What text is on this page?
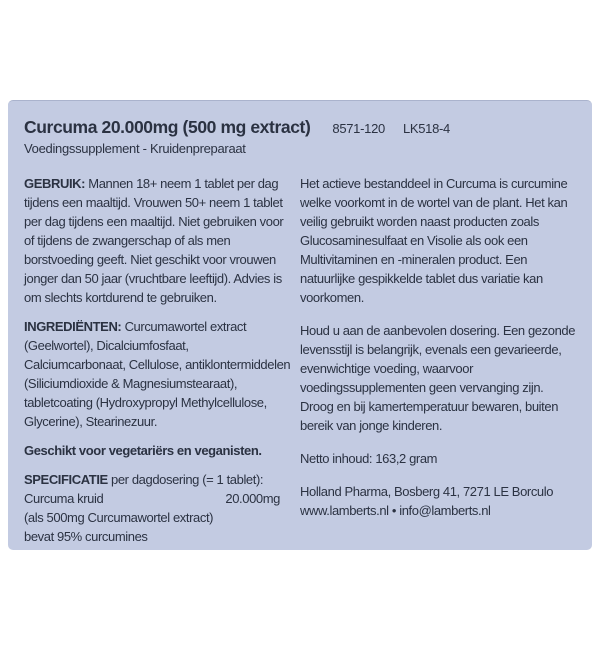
Curcuma 20.000mg (500 mg extract) 8571-120 LK518-4
Voedingssupplement - Kruidenpreparaat

GEBRUIK: Mannen 18+ neem 1 tablet per dag tijdens een maaltijd. Vrouwen 50+ neem 1 tablet per dag tijdens een maaltijd. Niet gebruiken voor of tijdens de zwangerschap of als men borstvoeding geeft. Niet geschikt voor vrouwen jonger dan 50 jaar (vruchtbare leeftijd). Advies is om slechts kortdurend te gebruiken.

INGREDIËNTEN: Curcumawortel extract (Geelwortel), Dicalciumfosfaat, Calciumcarbonaat, Cellulose, antiklontermiddelen (Siliciumdioxide & Magnesiumstearaat), tabletcoating (Hydroxypropyl Methylcellulose, Glycerine), Stearinezuur.

Geschikt voor vegetariërs en veganisten.

SPECIFICATIE per dagdosering (= 1 tablet):
Curcuma kruid	20.000mg
(als 500mg Curcumawortel extract)
bevat 95% curcumines

Het actieve bestanddeel in Curcuma is curcumine welke voorkomt in de wortel van de plant. Het kan veilig gebruikt worden naast producten zoals Glucosaminesulfaat en Visolie als ook een Multivitaminen en -mineralen product. Een natuurlijke gespikkelde tablet dus variatie kan voorkomen.

Houd u aan de aanbevolen dosering. Een gezonde levensstijl is belangrijk, evenals een gevarieerde, evenwichtige voeding, waarvoor voedingssupplementen geen vervanging zijn. Droog en bij kamertemperatuur bewaren, buiten bereik van jonge kinderen.

Netto inhoud: 163,2 gram

Holland Pharma, Bosberg 41, 7271 LE Borculo
www.lamberts.nl • info@lamberts.nl
